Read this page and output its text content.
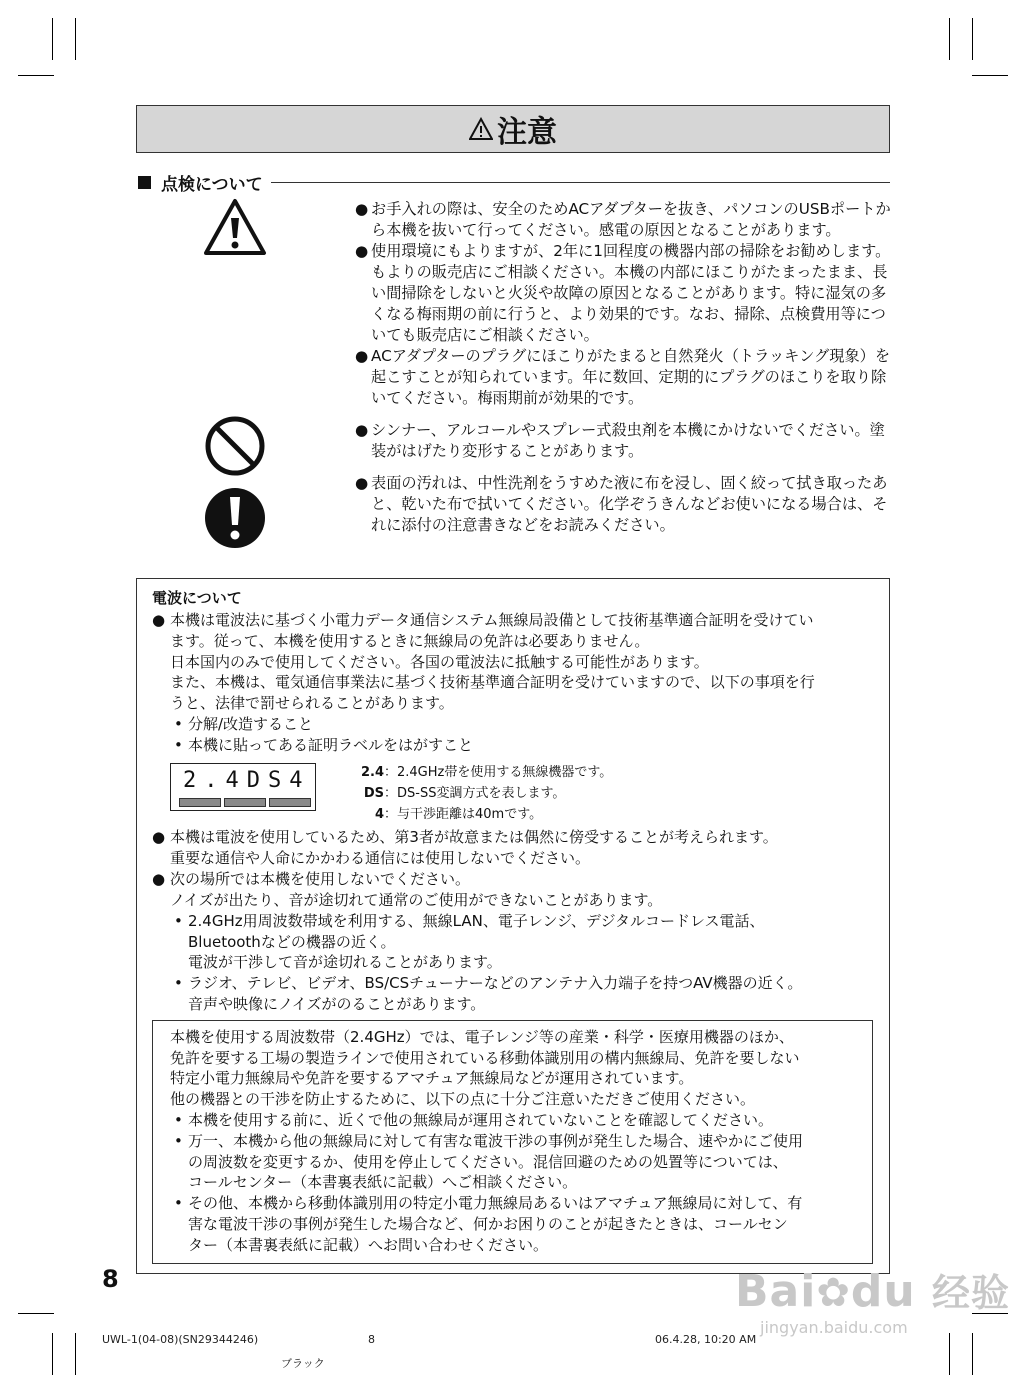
注意
点検について
● お手入れの際は、安全のためACアダプターを抜き、パソコンのUSBポートから本機を抜いて行ってください。感電の原因となることがあります。
● 使用環境にもよりますが、2年に1回程度の機器内部の掃除をお勧めします。もよりの販売店にご相談ください。本機の内部にほこりがたまったまま、長い間掃除をしないと火災や故障の原因となることがあります。特に湿気の多くなる梅雨期の前に行うと、より効果的です。なお、掃除、点検費用等についても販売店にご相談ください。
● ACアダプターのプラグにほこりがたまると自然発火（トラッキング現象）を起こすことが知られています。年に数回、定期的にプラグのほこりを取り除いてください。梅雨期前が効果的です。
● シンナー、アルコールやスプレー式殺虫剤を本機にかけないでください。塗装がはげたり変形することがあります。
● 表面の汚れは、中性洗剤をうすめた液に布を浸し、固く絞って拭き取ったあと、乾いた布で拭いてください。化学ぞうきんなどお使いになる場合は、それに添付の注意書きなどをお読みください。
電波について
● 本機は電波法に基づく小電力データ通信システム無線局設備として技術基準適合証明を受けてい
ます。従って、本機を使用するときに無線局の免許は必要ありません。
日本国内のみで使用してください。各国の電波法に抵触する可能性があります。
また、本機は、電気通信事業法に基づく技術基準適合証明を受けていますので、以下の事項を行
うと、法律で罰せられることがあります。
• 分解/改造すること
• 本機に貼ってある証明ラベルをはがすこと
2.4DS4	2.4：2.4GHz帯を使用する無線機器です。
DS：DS-SS変調方式を表します。
4：与干渉距離は40mです。
● 本機は電波を使用しているため、第3者が故意または偶然に傍受することが考えられます。
重要な通信や人命にかかわる通信には使用しないでください。
● 次の場所では本機を使用しないでください。
ノイズが出たり、音が途切れて通常のご使用ができないことがあります。
• 2.4GHz用周波数帯域を利用する、無線LAN、電子レンジ、デジタルコードレス電話、
Bluetoothなどの機器の近く。
電波が干渉して音が途切れることがあります。
• ラジオ、テレビ、ビデオ、BS/CSチューナーなどのアンテナ入力端子を持つAV機器の近く。
音声や映像にノイズがのることがあります。
本機を使用する周波数帯（2.4GHz）では、電子レンジ等の産業・科学・医療用機器のほか、
免許を要する工場の製造ラインで使用されている移動体識別用の構内無線局、免許を要しない
特定小電力無線局や免許を要するアマチュア無線局などが運用されています。
他の機器との干渉を防止するために、以下の点に十分ご注意いただきご使用ください。
• 本機を使用する前に、近くで他の無線局が運用されていないことを確認してください。
• 万一、本機から他の無線局に対して有害な電波干渉の事例が発生した場合、速やかにご使用
の周波数を変更するか、使用を停止してください。混信回避のための処置等については、
コールセンター（本書裏表紙に記載）へご相談ください。
• その他、本機から移動体識別用の特定小電力無線局あるいはアマチュア無線局に対して、有
害な電波干渉の事例が発生した場合など、何かお困りのことが起きたときは、コールセン
ター（本書裏表紙に記載）へお問い合わせください。
8	Bai✿du 经验
jingyan.baidu.com
UWL-1(04-08)(SN29344246)	8	06.4.28, 10:20 AM
ブラック
